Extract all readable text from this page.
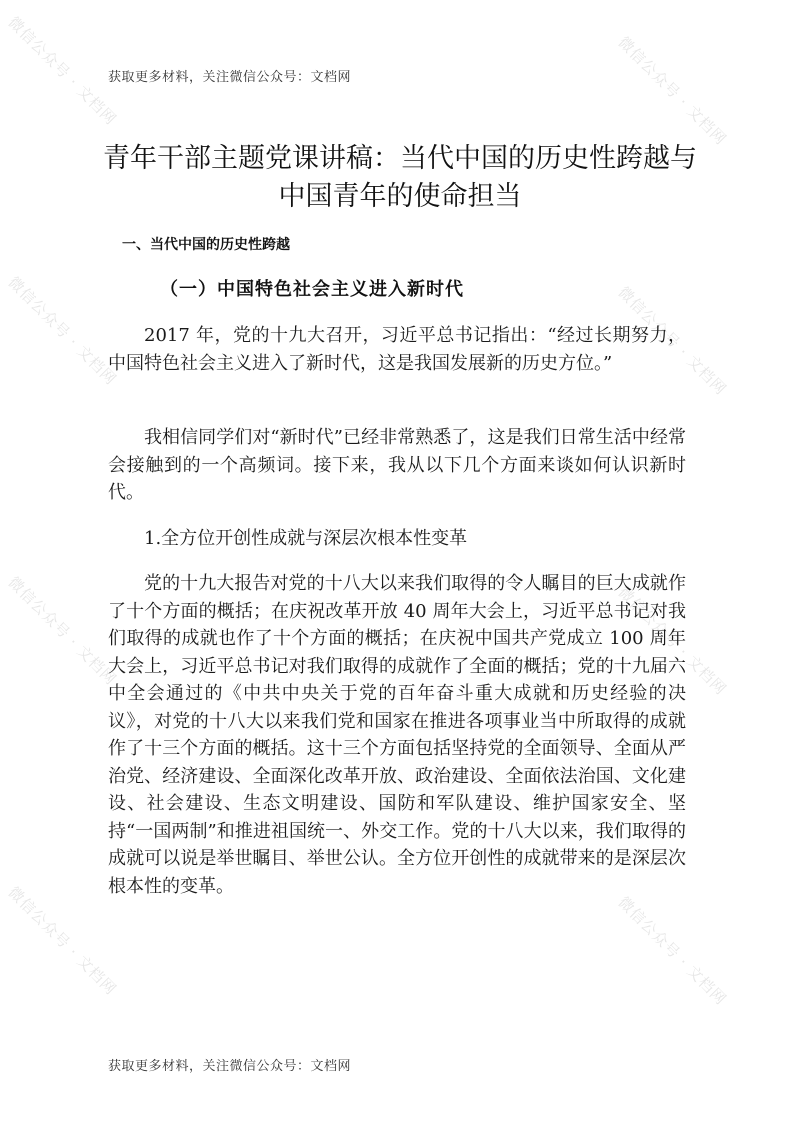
微信公众号 · 文档网	微信公众号 · 文档网
微信公众号 · 文档网	微信公众号 · 文档网
微信公众号 · 文档网	微信公众号 · 文档网
微信公众号 · 文档网	微信公众号 · 文档网
获取更多材料，关注微信公众号：文档网
青年干部主题党课讲稿：当代中国的历史性跨越与中国青年的使命担当
一、当代中国的历史性跨越
（一）中国特色社会主义进入新时代
2017 年，党的十九大召开，习近平总书记指出：“经过长期努力，中国特色社会主义进入了新时代，这是我国发展新的历史方位。”
我相信同学们对“新时代”已经非常熟悉了，这是我们日常生活中经常会接触到的一个高频词。接下来，我从以下几个方面来谈如何认识新时代。
1.全方位开创性成就与深层次根本性变革
党的十九大报告对党的十八大以来我们取得的令人瞩目的巨大成就作了十个方面的概括；在庆祝改革开放 40 周年大会上，习近平总书记对我们取得的成就也作了十个方面的概括；在庆祝中国共产党成立 100 周年大会上，习近平总书记对我们取得的成就作了全面的概括；党的十九届六中全会通过的《中共中央关于党的百年奋斗重大成就和历史经验的决议》，对党的十八大以来我们党和国家在推进各项事业当中所取得的成就作了十三个方面的概括。这十三个方面包括坚持党的全面领导、全面从严治党、经济建设、全面深化改革开放、政治建设、全面依法治国、文化建设、社会建设、生态文明建设、国防和军队建设、维护国家安全、坚持“一国两制”和推进祖国统一、外交工作。党的十八大以来，我们取得的成就可以说是举世瞩目、举世公认。全方位开创性的成就带来的是深层次根本性的变革。
获取更多材料，关注微信公众号：文档网
